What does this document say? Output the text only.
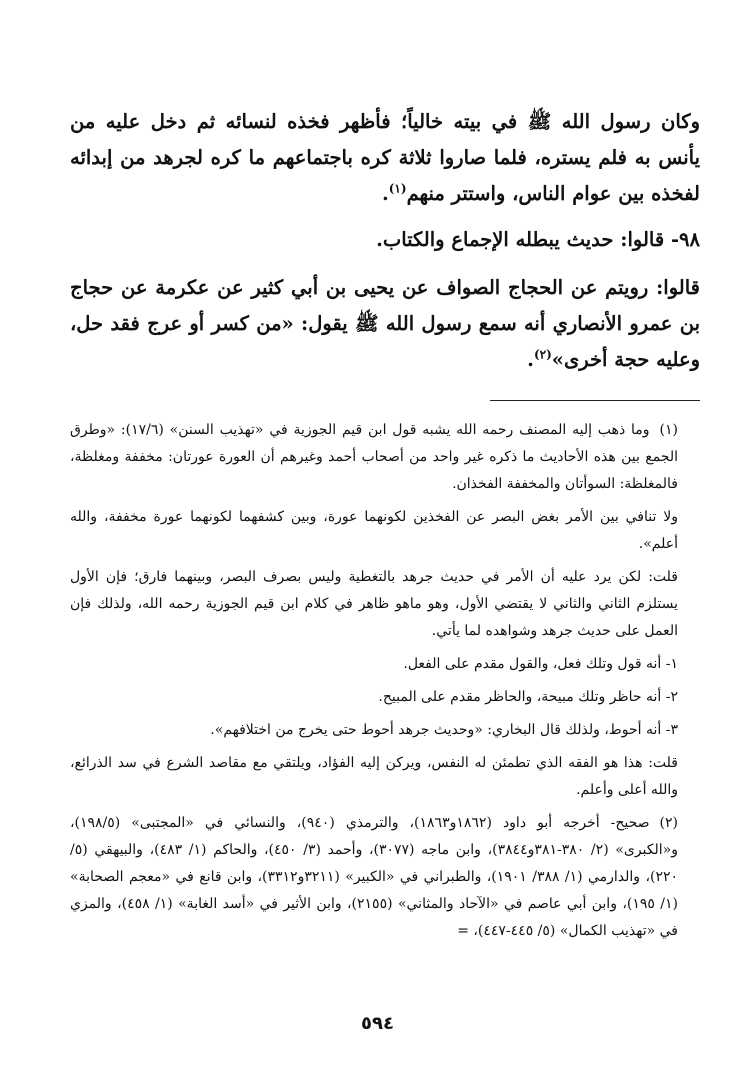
وكان رسول الله ﷺ في بيته خالياً؛ فأظهر فخذه لنسائه ثم دخل عليه من يأنس به فلم يستره، فلما صاروا ثلاثة كره باجتماعهم ما كره لجرهد من إبدائه لفخذه بين عوام الناس، واستتر منهم$^{(١)}$.

٩٨- قالوا: حديث يبطله الإجماع والكتاب.

قالوا: رويتم عن الحجاج الصواف عن يحيى بن أبي كثير عن عكرمة عن حجاج بن عمرو الأنصاري أنه سمع رسول الله ﷺ يقول: «من كسر أو عرج فقد حل، وعليه حجة أخرى»$^{(٢)}$.

(١)وما ذهب إليه المصنف رحمه الله يشبه قول ابن قيم الجوزية في «تهذيب السنن» (١٧/٦): «وطرق الجمع بين هذه الأحاديث ما ذكره غير واحد من أصحاب أحمد وغيرهم أن العورة عورتان: مخففة ومغلظة، فالمغلظة: السوأتان والمخففة الفخذان.

ولا تنافي بين الأمر بغض البصر عن الفخذين لكونهما عورة، وبين كشفهما لكونهما عورة مخففة، والله أعلم».

قلت: لكن يرد عليه أن الأمر في حديث جرهد بالتغطية وليس بصرف البصر، وبينهما فارق؛ فإن الأول يستلزم الثاني والثاني لا يقتضي الأول، وهو ماهو ظاهر في كلام ابن قيم الجوزية رحمه الله، ولذلك فإن العمل على حديث جرهد وشواهده لما يأتي.

١- أنه قول وتلك فعل، والقول مقدم على الفعل.

٢- أنه حاظر وتلك مبيحة، والحاظر مقدم على المبيح.

٣- أنه أحوط، ولذلك قال البخاري: «وحديث جرهد أحوط حتى يخرج من اختلافهم».

قلت: هذا هو الفقه الذي تطمئن له النفس، ويركن إليه الفؤاد، ويلتقي مع مقاصد الشرع في سد الذرائع، والله أعلى وأعلم.

(٢)صحيح- أخرجه أبو داود (١٨٦٢و١٨٦٣)، والترمذي (٩٤٠)، والنسائي في «المجتبى» (١٩٨/٥)، و«الكبرى» (٢/ ٣٨٠-٣٨١و٣٨٤٤)، وابن ماجه (٣٠٧٧)، وأحمد (٣/ ٤٥٠)، والحاكم (١/ ٤٨٣)، والبيهقي (٥/ ٢٢٠)، والدارمي (١/ ٣٨٨/ ١٩٠١)، والطبراني في «الكبير» (٣٢١١و٣٣١٢)، وابن قانع في «معجم الصحابة» (١/ ١٩٥)، وابن أبي عاصم في «الآحاد والمثاني» (٢١٥٥)، وابن الأثير في «أسد الغابة» (١/ ٤٥٨)، والمزي في «تهذيب الكمال» (٥/ ٤٤٥-٤٤٧)، =

٥٩٤
